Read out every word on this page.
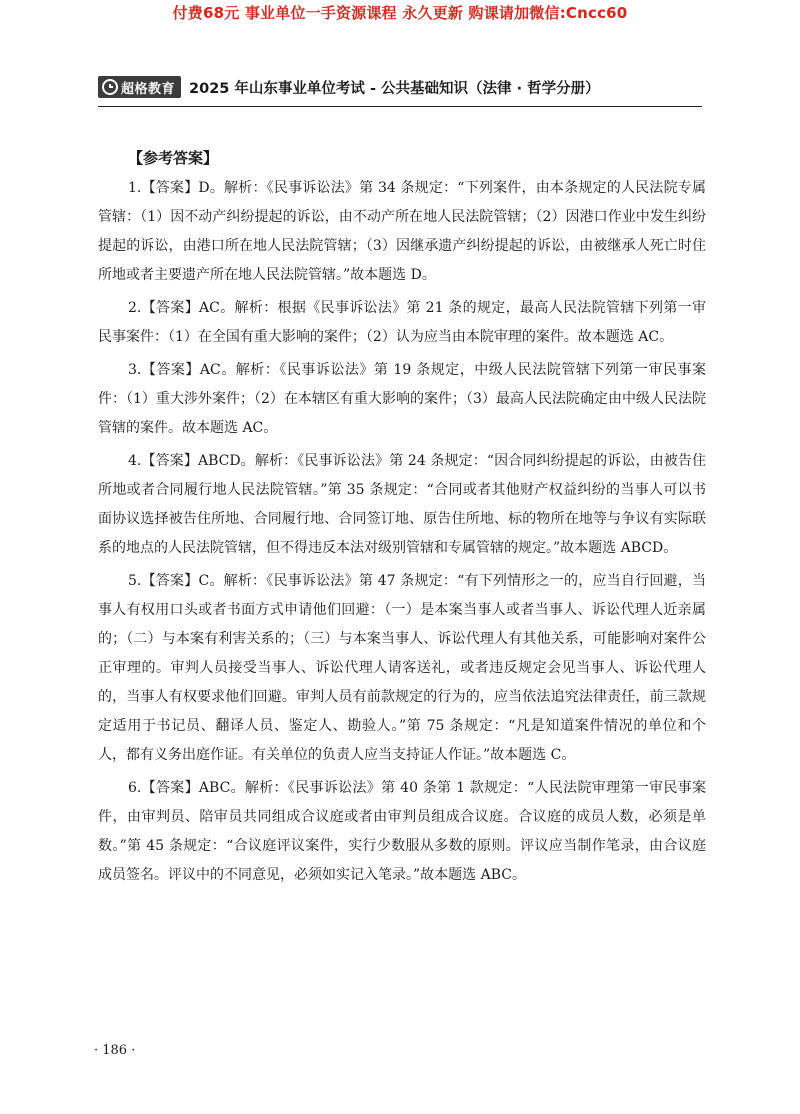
付费68元 事业单位一手资源课程 永久更新 购课请加微信:Cncc60
超格教育 2025 年山东事业单位考试 - 公共基础知识（法律 · 哲学分册）

【参考答案】

1.【答案】D。解析：《民事诉讼法》第 34 条规定：“下列案件，由本条规定的人民法院专属管辖：（1）因不动产纠纷提起的诉讼，由不动产所在地人民法院管辖；（2）因港口作业中发生纠纷提起的诉讼，由港口所在地人民法院管辖；（3）因继承遗产纠纷提起的诉讼，由被继承人死亡时住所地或者主要遗产所在地人民法院管辖。”故本题选 D。

2.【答案】AC。解析：根据《民事诉讼法》第 21 条的规定，最高人民法院管辖下列第一审民事案件：（1）在全国有重大影响的案件；（2）认为应当由本院审理的案件。故本题选 AC。

3.【答案】AC。解析：《民事诉讼法》第 19 条规定，中级人民法院管辖下列第一审民事案件：（1）重大涉外案件；（2）在本辖区有重大影响的案件；（3）最高人民法院确定由中级人民法院管辖的案件。故本题选 AC。

4.【答案】ABCD。解析：《民事诉讼法》第 24 条规定：“因合同纠纷提起的诉讼，由被告住所地或者合同履行地人民法院管辖。”第 35 条规定：“合同或者其他财产权益纠纷的当事人可以书面协议选择被告住所地、合同履行地、合同签订地、原告住所地、标的物所在地等与争议有实际联系的地点的人民法院管辖，但不得违反本法对级别管辖和专属管辖的规定。”故本题选 ABCD。

5.【答案】C。解析：《民事诉讼法》第 47 条规定：“有下列情形之一的，应当自行回避，当事人有权用口头或者书面方式申请他们回避：（一）是本案当事人或者当事人、诉讼代理人近亲属的；（二）与本案有利害关系的；（三）与本案当事人、诉讼代理人有其他关系，可能影响对案件公正审理的。审判人员接受当事人、诉讼代理人请客送礼，或者违反规定会见当事人、诉讼代理人的，当事人有权要求他们回避。审判人员有前款规定的行为的，应当依法追究法律责任，前三款规定适用于书记员、翻译人员、鉴定人、勘验人。”第 75 条规定：“凡是知道案件情况的单位和个人，都有义务出庭作证。有关单位的负责人应当支持证人作证。”故本题选 C。

6.【答案】ABC。解析：《民事诉讼法》第 40 条第 1 款规定：“人民法院审理第一审民事案件，由审判员、陪审员共同组成合议庭或者由审判员组成合议庭。合议庭的成员人数，必须是单数。”第 45 条规定：“合议庭评议案件，实行少数服从多数的原则。评议应当制作笔录，由合议庭成员签名。评议中的不同意见，必须如实记入笔录。”故本题选 ABC。

· 186 ·
